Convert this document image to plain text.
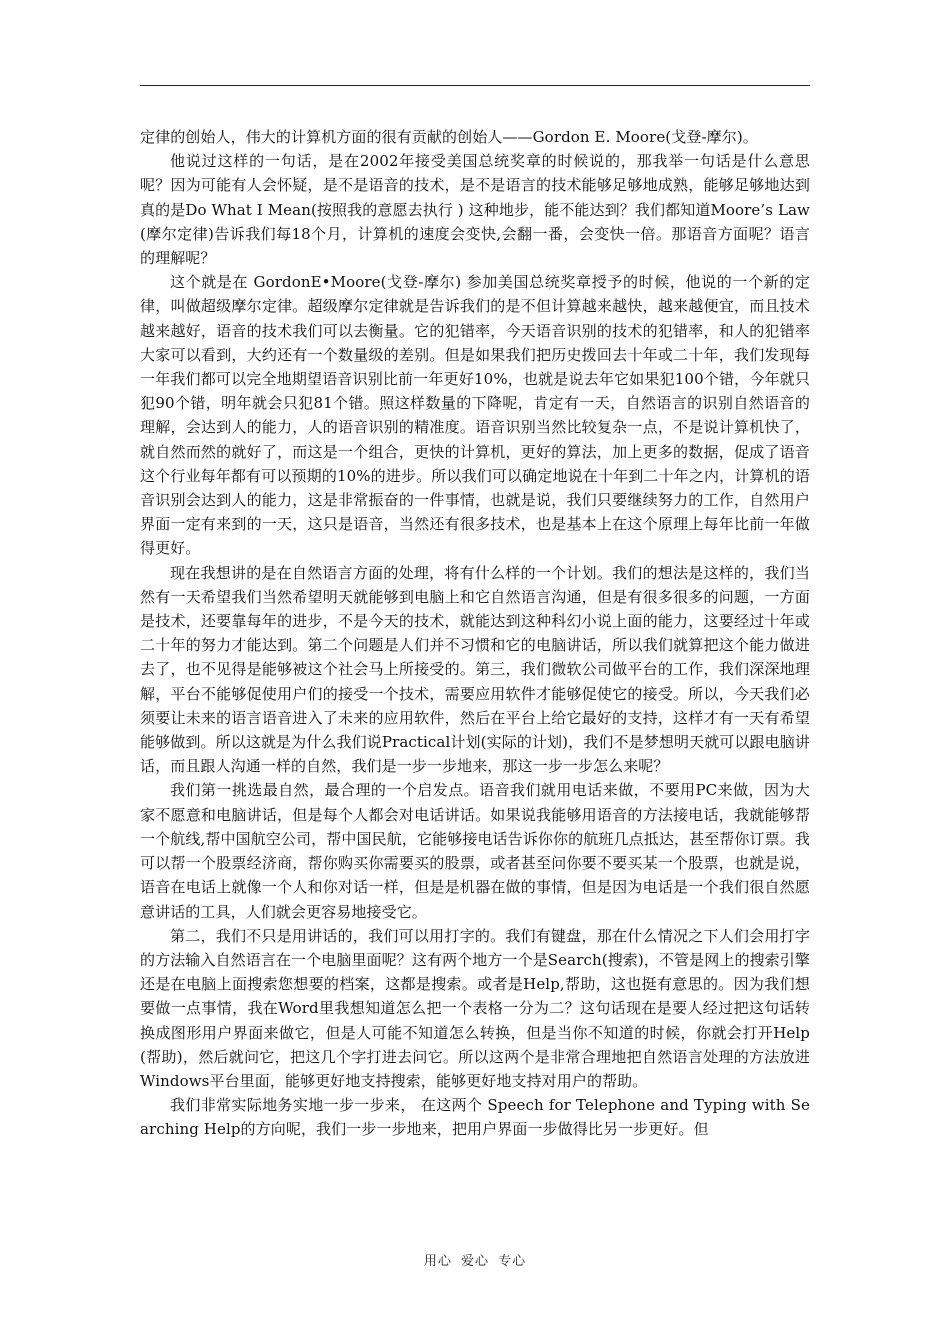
定律的创始人，伟大的计算机方面的很有贡献的创始人——Gordon E. Moore(戈登-摩尔)。

他说过这样的一句话，是在2002年接受美国总统奖章的时候说的，那我举一句话是什么意思呢？因为可能有人会怀疑，是不是语音的技术，是不是语言的技术能够足够地成熟，能够足够地达到真的是Do What I Mean(按照我的意愿去执行 ) 这种地步，能不能达到？我们都知道Moore’s Law(摩尔定律)告诉我们每18个月，计算机的速度会变快,会翻一番，会变快一倍。那语音方面呢？语言的理解呢？

这个就是在 GordonE•Moore(戈登-摩尔) 参加美国总统奖章授予的时候，他说的一个新的定律，叫做超级摩尔定律。超级摩尔定律就是告诉我们的是不但计算越来越快，越来越便宜，而且技术越来越好，语音的技术我们可以去衡量。它的犯错率，今天语音识别的技术的犯错率，和人的犯错率大家可以看到，大约还有一个数量级的差别。但是如果我们把历史拨回去十年或二十年，我们发现每一年我们都可以完全地期望语音识别比前一年更好10%，也就是说去年它如果犯100个错，今年就只犯90个错，明年就会只犯81个错。照这样数量的下降呢，肯定有一天，自然语言的识别自然语音的理解，会达到人的能力，人的语音识别的精准度。语音识别当然比较复杂一点，不是说计算机快了，就自然而然的就好了，而这是一个组合，更快的计算机，更好的算法，加上更多的数据，促成了语音这个行业每年都有可以预期的10%的进步。所以我们可以确定地说在十年到二十年之内，计算机的语音识别会达到人的能力，这是非常振奋的一件事情，也就是说，我们只要继续努力的工作，自然用户界面一定有来到的一天，这只是语音，当然还有很多技术，也是基本上在这个原理上每年比前一年做得更好。

现在我想讲的是在自然语言方面的处理，将有什么样的一个计划。我们的想法是这样的，我们当然有一天希望我们当然希望明天就能够到电脑上和它自然语言沟通，但是有很多很多的问题，一方面是技术，还要靠每年的进步，不是今天的技术，就能达到这种科幻小说上面的能力，这要经过十年或二十年的努力才能达到。第二个问题是人们并不习惯和它的电脑讲话，所以我们就算把这个能力做进去了，也不见得是能够被这个社会马上所接受的。第三，我们微软公司做平台的工作，我们深深地理解，平台不能够促使用户们的接受一个技术，需要应用软件才能够促使它的接受。所以，今天我们必须要让未来的语言语音进入了未来的应用软件，然后在平台上给它最好的支持，这样才有一天有希望能够做到。所以这就是为什么我们说Practical计划(实际的计划)，我们不是梦想明天就可以跟电脑讲话，而且跟人沟通一样的自然，我们是一步一步地来，那这一步一步怎么来呢？

我们第一挑选最自然，最合理的一个启发点。语音我们就用电话来做，不要用PC来做，因为大家不愿意和电脑讲话，但是每个人都会对电话讲话。如果说我能够用语音的方法接电话，我就能够帮一个航线,帮中国航空公司，帮中国民航，它能够接电话告诉你你的航班几点抵达，甚至帮你订票。我可以帮一个股票经济商，帮你购买你需要买的股票，或者甚至问你要不要买某一个股票，也就是说，语音在电话上就像一个人和你对话一样，但是是机器在做的事情，但是因为电话是一个我们很自然愿意讲话的工具，人们就会更容易地接受它。

第二，我们不只是用讲话的，我们可以用打字的。我们有键盘，那在什么情况之下人们会用打字的方法输入自然语言在一个电脑里面呢？这有两个地方一个是Search(搜索)，不管是网上的搜索引擎还是在电脑上面搜索您想要的档案，这都是搜索。或者是Help,帮助，这也挺有意思的。因为我们想要做一点事情，我在Word里我想知道怎么把一个表格一分为二？这句话现在是要人经过把这句话转换成图形用户界面来做它，但是人可能不知道怎么转换，但是当你不知道的时候，你就会打开Help(帮助)，然后就问它，把这几个字打进去问它。所以这两个是非常合理地把自然语言处理的方法放进Windows平台里面，能够更好地支持搜索，能够更好地支持对用户的帮助。

我们非常实际地务实地一步一步来， 在这两个 Speech for Telephone and Typing with Searching Help的方向呢，我们一步一步地来，把用户界面一步做得比另一步更好。但

用心 爱心 专心
